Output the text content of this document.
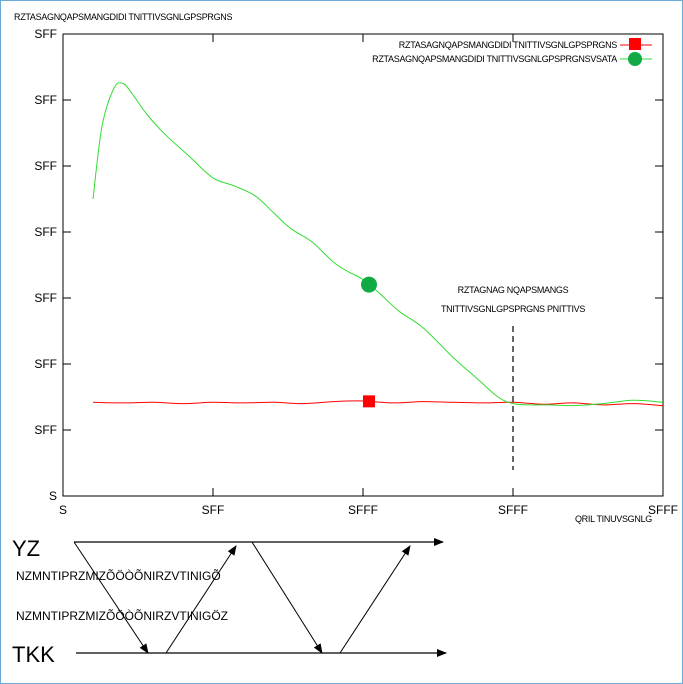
RZTASAGNQAPSMANGDIDI TNITTIVSGNLGPSPRGNS
SFF
SFF
SFF
SFF
SFF
SFF
SFF
S
S	SFF	SFFF	SFFF	SFFF
QRIL TINUVSGNLG
RZTASAGNQAPSMANGDIDI TNITTIVSGNLGPSPRGNS
RZTASAGNQAPSMANGDIDI TNITTIVSGNLGPSPRGNSVSATA
RZTAGNAG NQAPSMANGS
TNITTIVSGNLGPSPRGNS PNITTIVS
YZ
TKK
NZMNTIPRZMIZÕÖÒÕNIRZVTINIGÕ
NZMNTIPRZMIZÕÖÒÕNIRZVTINIGÖZ
